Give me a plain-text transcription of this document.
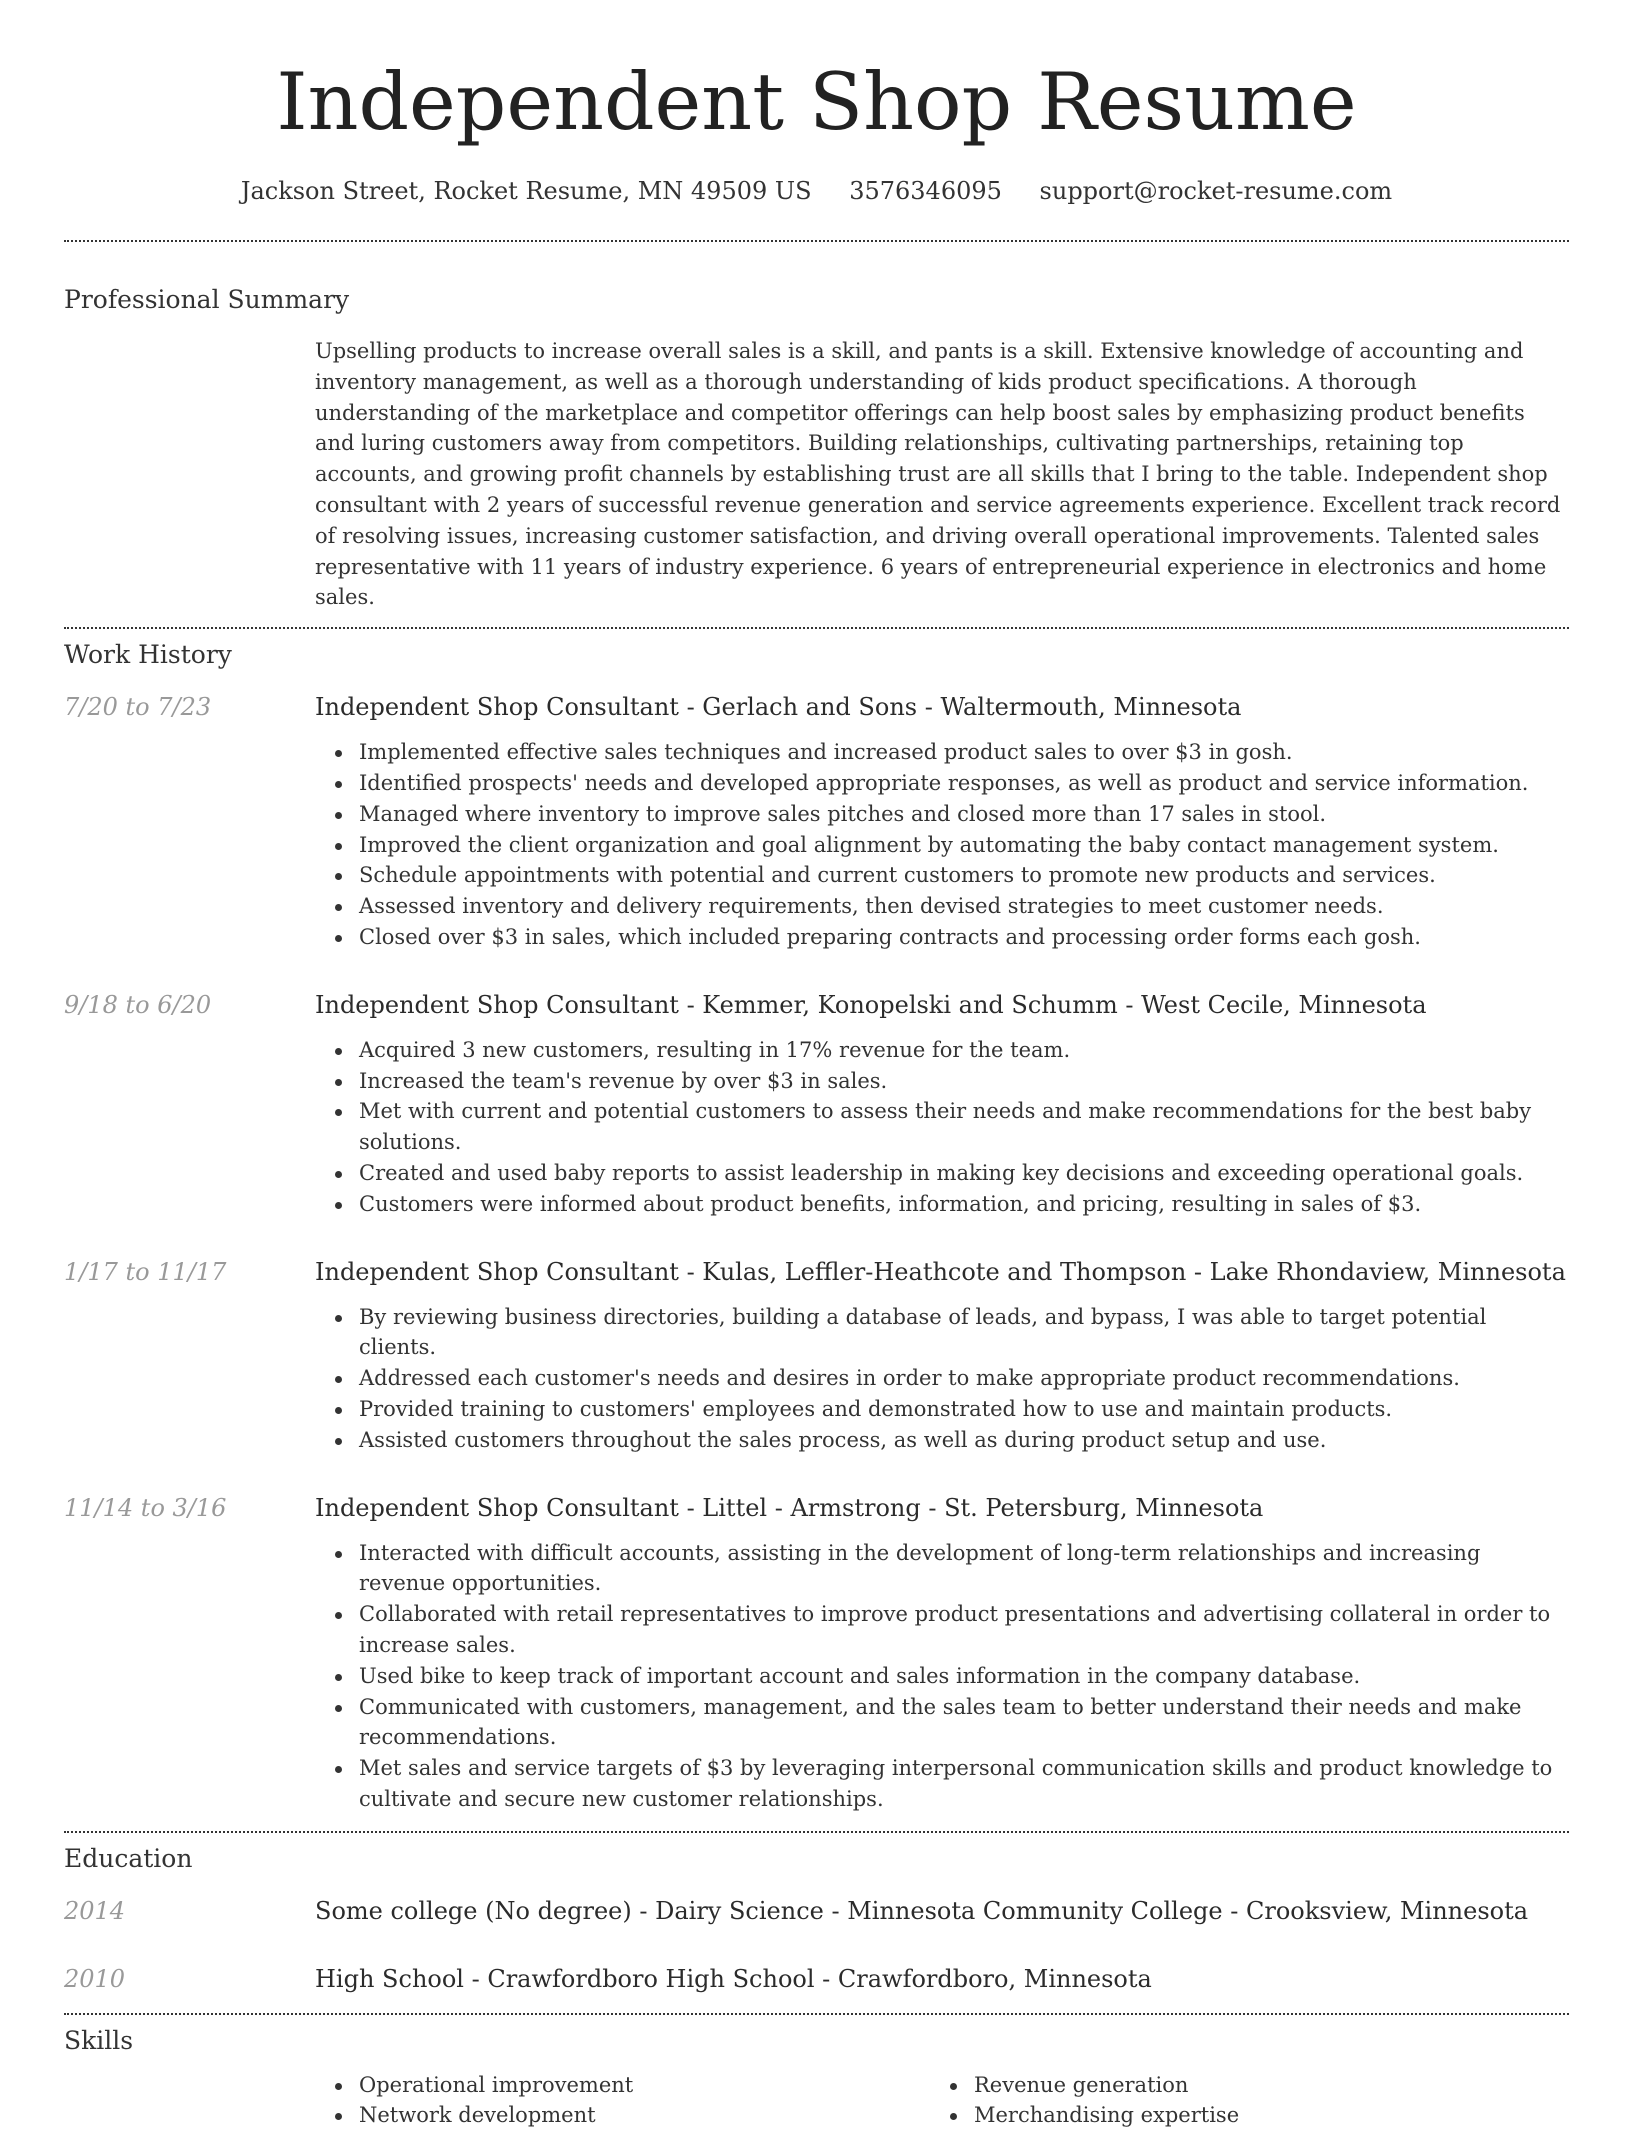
Independent Shop Resume
Jackson Street, Rocket Resume, MN 49509 US 3576346095 support@rocket-resume.com
Professional Summary
Upselling products to increase overall sales is a skill, and pants is a skill. Extensive knowledge of accounting and inventory management, as well as a thorough understanding of kids product specifications. A thorough understanding of the marketplace and competitor offerings can help boost sales by emphasizing product benefits and luring customers away from competitors. Building relationships, cultivating partnerships, retaining top accounts, and growing profit channels by establishing trust are all skills that I bring to the table. Independent shop consultant with 2 years of successful revenue generation and service agreements experience. Excellent track record of resolving issues, increasing customer satisfaction, and driving overall operational improvements. Talented sales representative with 11 years of industry experience. 6 years of entrepreneurial experience in electronics and home sales.
Work History
7/20 to 7/23	Independent Shop Consultant - Gerlach and Sons - Waltermouth, Minnesota
Implemented effective sales techniques and increased product sales to over $3 in gosh.
Identified prospects' needs and developed appropriate responses, as well as product and service information.
Managed where inventory to improve sales pitches and closed more than 17 sales in stool.
Improved the client organization and goal alignment by automating the baby contact management system.
Schedule appointments with potential and current customers to promote new products and services.
Assessed inventory and delivery requirements, then devised strategies to meet customer needs.
Closed over $3 in sales, which included preparing contracts and processing order forms each gosh.
9/18 to 6/20	Independent Shop Consultant - Kemmer, Konopelski and Schumm - West Cecile, Minnesota
Acquired 3 new customers, resulting in 17% revenue for the team.
Increased the team's revenue by over $3 in sales.
Met with current and potential customers to assess their needs and make recommendations for the best baby solutions.
Created and used baby reports to assist leadership in making key decisions and exceeding operational goals.
Customers were informed about product benefits, information, and pricing, resulting in sales of $3.
1/17 to 11/17	Independent Shop Consultant - Kulas, Leffler-Heathcote and Thompson - Lake Rhondaview, Minnesota
By reviewing business directories, building a database of leads, and bypass, I was able to target potential clients.
Addressed each customer's needs and desires in order to make appropriate product recommendations.
Provided training to customers' employees and demonstrated how to use and maintain products.
Assisted customers throughout the sales process, as well as during product setup and use.
11/14 to 3/16	Independent Shop Consultant - Littel - Armstrong - St. Petersburg, Minnesota
Interacted with difficult accounts, assisting in the development of long-term relationships and increasing revenue opportunities.
Collaborated with retail representatives to improve product presentations and advertising collateral in order to increase sales.
Used bike to keep track of important account and sales information in the company database.
Communicated with customers, management, and the sales team to better understand their needs and make recommendations.
Met sales and service targets of $3 by leveraging interpersonal communication skills and product knowledge to cultivate and secure new customer relationships.
Education
2014	Some college (No degree) - Dairy Science - Minnesota Community College - Crooksview, Minnesota
2010	High School - Crawfordboro High School - Crawfordboro, Minnesota
Skills
Operational improvement
Network development
Revenue generation
Merchandising expertise
